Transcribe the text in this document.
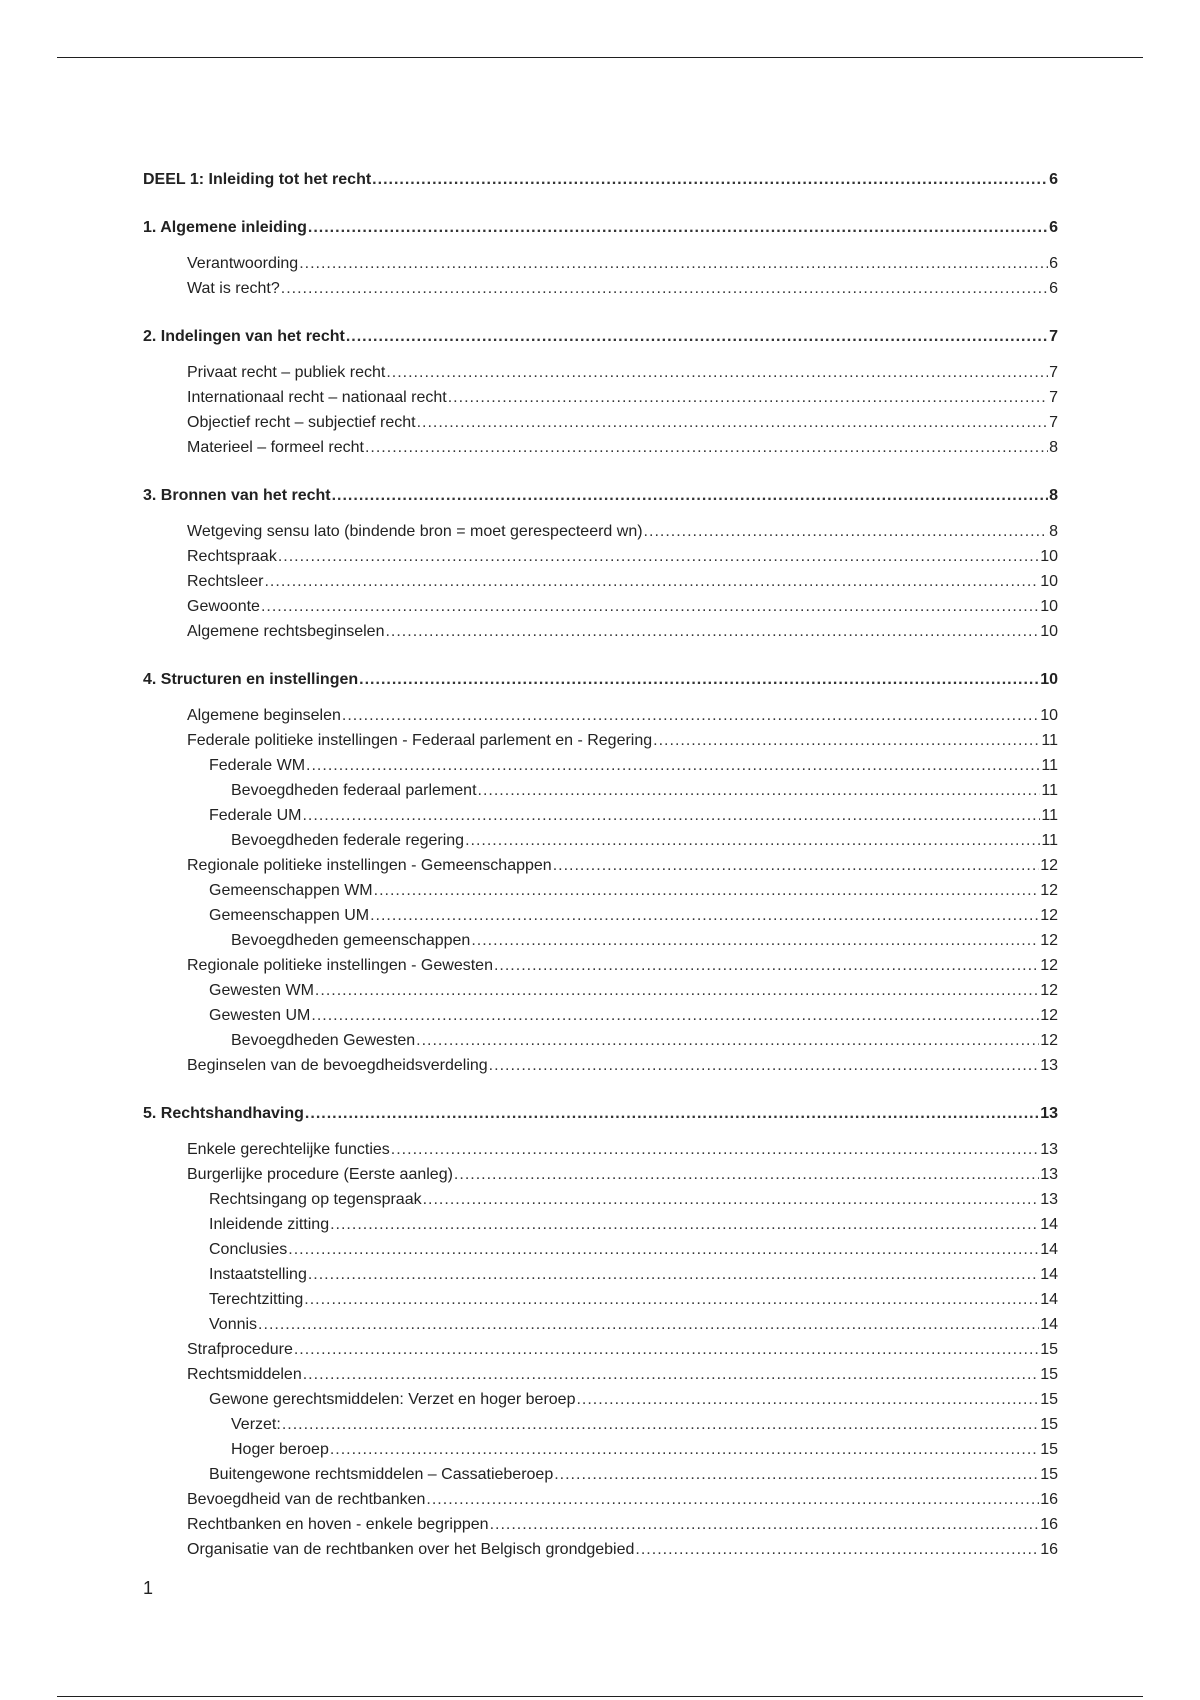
DEEL 1: Inleiding tot het recht .....	6
1. Algemene inleiding .....	6
Verantwoording .....	6
Wat is recht? .....	6
2. Indelingen van het recht .....	7
Privaat recht – publiek recht .....	7
Internationaal recht – nationaal recht .....	7
Objectief recht – subjectief recht .....	7
Materieel – formeel recht .....	8
3. Bronnen van het recht .....	8
Wetgeving sensu lato (bindende bron = moet gerespecteerd wn) .....	8
Rechtspraak .....	10
Rechtsleer .....	10
Gewoonte .....	10
Algemene rechtsbeginselen .....	10
4. Structuren en instellingen .....	10
Algemene beginselen .....	10
Federale politieke instellingen - Federaal parlement en - Regering .....	11
Federale WM .....	11
Bevoegdheden federaal parlement .....	11
Federale UM .....	11
Bevoegdheden federale regering .....	11
Regionale politieke instellingen - Gemeenschappen .....	12
Gemeenschappen WM .....	12
Gemeenschappen UM .....	12
Bevoegdheden gemeenschappen .....	12
Regionale politieke instellingen - Gewesten .....	12
Gewesten WM .....	12
Gewesten UM .....	12
Bevoegdheden Gewesten .....	12
Beginselen van de bevoegdheidsverdeling .....	13
5. Rechtshandhaving .....	13
Enkele gerechtelijke functies .....	13
Burgerlijke procedure (Eerste aanleg) .....	13
Rechtsingang op tegenspraak .....	13
Inleidende zitting .....	14
Conclusies .....	14
Instaatstelling .....	14
Terechtzitting .....	14
Vonnis .....	14
Strafprocedure .....	15
Rechtsmiddelen .....	15
Gewone gerechtsmiddelen: Verzet en hoger beroep .....	15
Verzet: .....	15
Hoger beroep .....	15
Buitengewone rechtsmiddelen – Cassatieberoep .....	15
Bevoegdheid van de rechtbanken .....	16
Rechtbanken en hoven - enkele begrippen .....	16
Organisatie van de rechtbanken over het Belgisch grondgebied .....	16
1
